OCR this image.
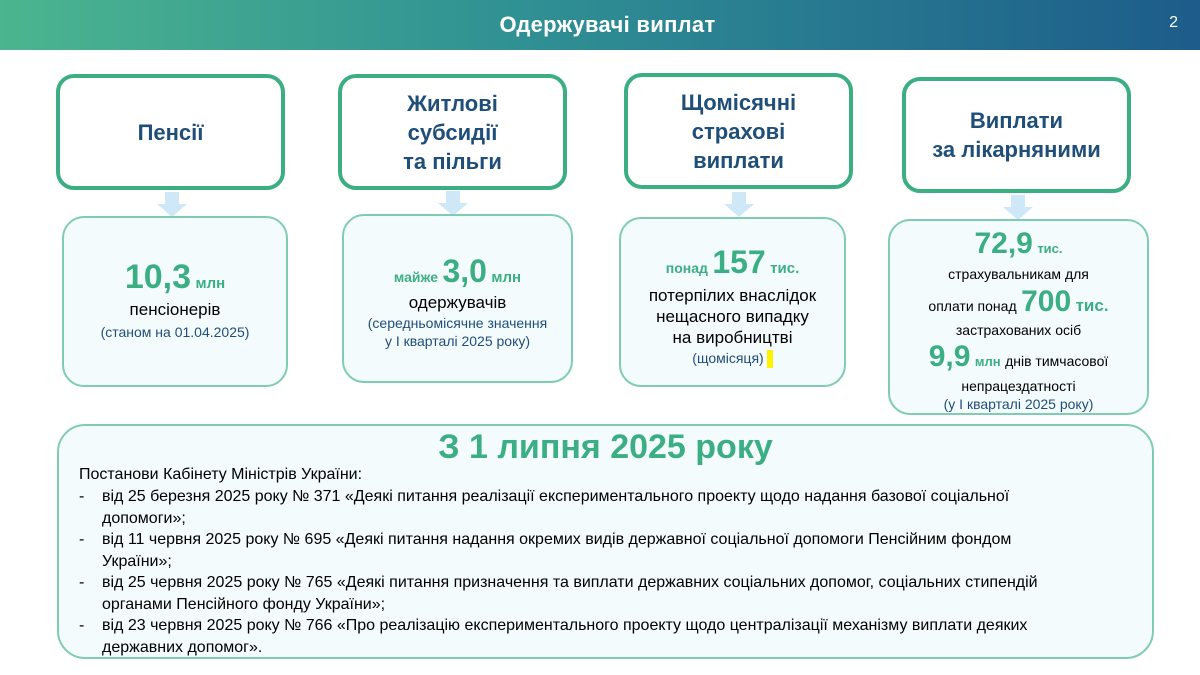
Одержувачі виплат	2
Пенсії
Житлові
субсидії
та пільги
Щомісячні
страхові
виплати
Виплати
за лікарняними
10,3 млн
пенсіонерів
(станом на 01.04.2025)
майже 3,0 млн
одержувачів
(середньомісячне значення
у І кварталі 2025 року)
понад 157 тис.
потерпілих внаслідок
нещасного випадку
на виробництві
(щомісяця)
72,9 тис.
страхувальникам для
оплати понад 700 тис.
застрахованих осіб
9,9 млн днів тимчасової
непрацездатності
(у І кварталі 2025 року)
З 1 липня 2025 року
Постанови Кабінету Міністрів України:
- від 25 березня 2025 року № 371 «Деякі питання реалізації експериментального проекту щодо надання базової соціальної
допомоги»;
- від 11 червня 2025 року № 695 «Деякі питання надання окремих видів державної соціальної допомоги Пенсійним фондом
України»;
- від 25 червня 2025 року № 765 «Деякі питання призначення та виплати державних соціальних допомог, соціальних стипендій
органами Пенсійного фонду України»;
- від 23 червня 2025 року № 766 «Про реалізацію експериментального проекту щодо централізації механізму виплати деяких
державних допомог».
